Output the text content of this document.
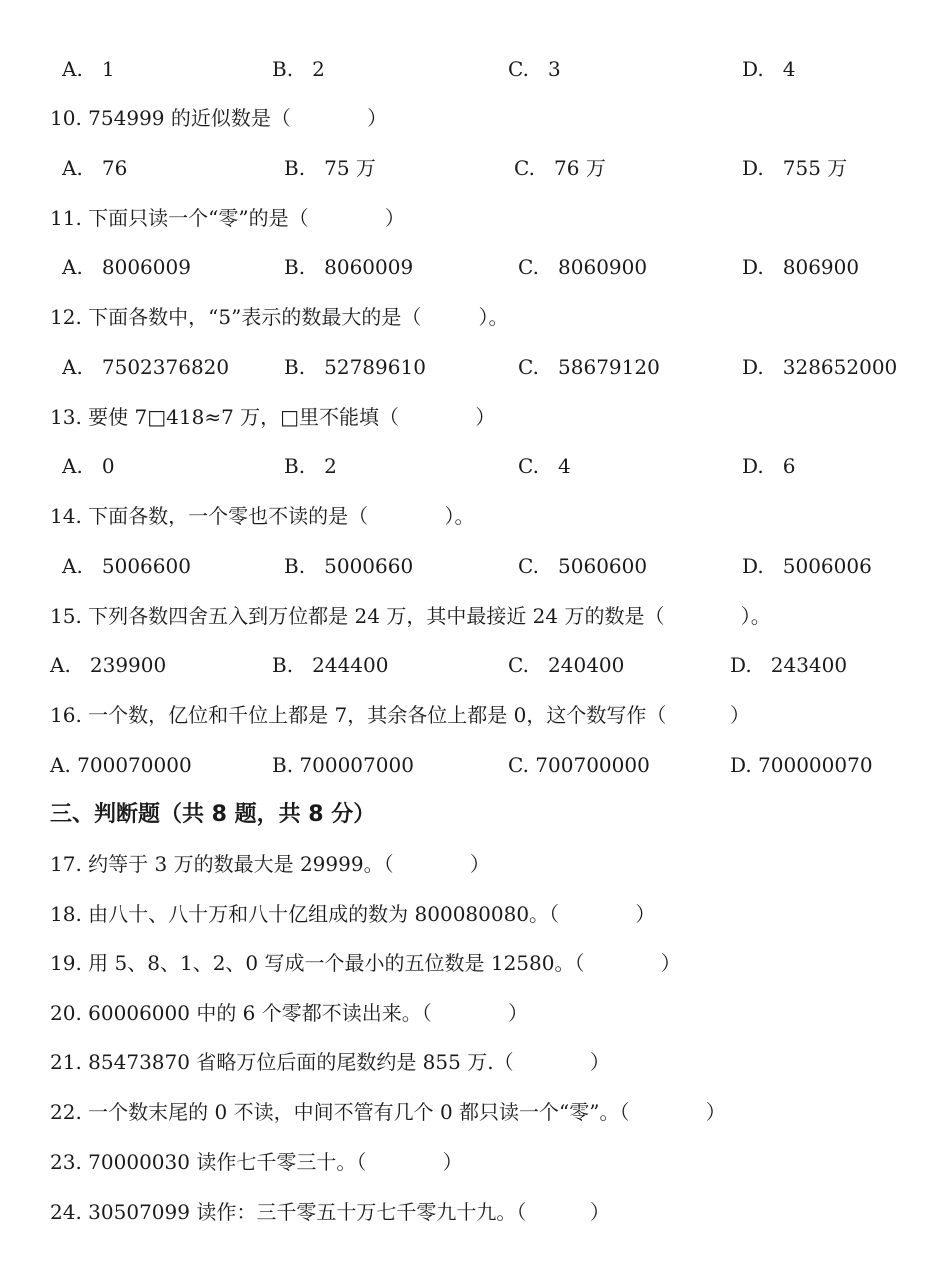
A.   1	B.   2	C.   3	D.   4
10. 754999 的近似数是（            ）
A.   76	B.   75 万	C.   76 万	D.   755 万
11. 下面只读一个“零”的是（            ）
A.   8006009	B.   8060009	C.   8060900	D.   806900
12. 下面各数中，“5”表示的数最大的是（         ）。
A.   7502376820	B.   52789610	C.   58679120	D.   328652000
13. 要使 7□418≈7 万，□里不能填（            ）
A.   0	B.   2	C.   4	D.   6
14. 下面各数，一个零也不读的是（            ）。
A.   5006600	B.   5000660	C.   5060600	D.   5006006
15. 下列各数四舍五入到万位都是 24 万，其中最接近 24 万的数是（            ）。
A.   239900	B.   244400	C.   240400	D.   243400
16. 一个数，亿位和千位上都是 7，其余各位上都是 0，这个数写作（          ）
A. 700070000	B. 700007000	C. 700700000	D. 700000070
三、判断题（共 8 题，共 8 分）
17. 约等于 3 万的数最大是 29999。（            ）
18. 由八十、八十万和八十亿组成的数为 800080080。（            ）
19. 用 5、8、1、2、0 写成一个最小的五位数是 12580。（            ）
20. 60006000 中的 6 个零都不读出来。（            ）
21. 85473870 省略万位后面的尾数约是 855 万.（            ）
22. 一个数末尾的 0 不读，中间不管有几个 0 都只读一个“零”。（            ）
23. 70000030 读作七千零三十。（            ）
24. 30507099 读作：三千零五十万七千零九十九。（          ）
